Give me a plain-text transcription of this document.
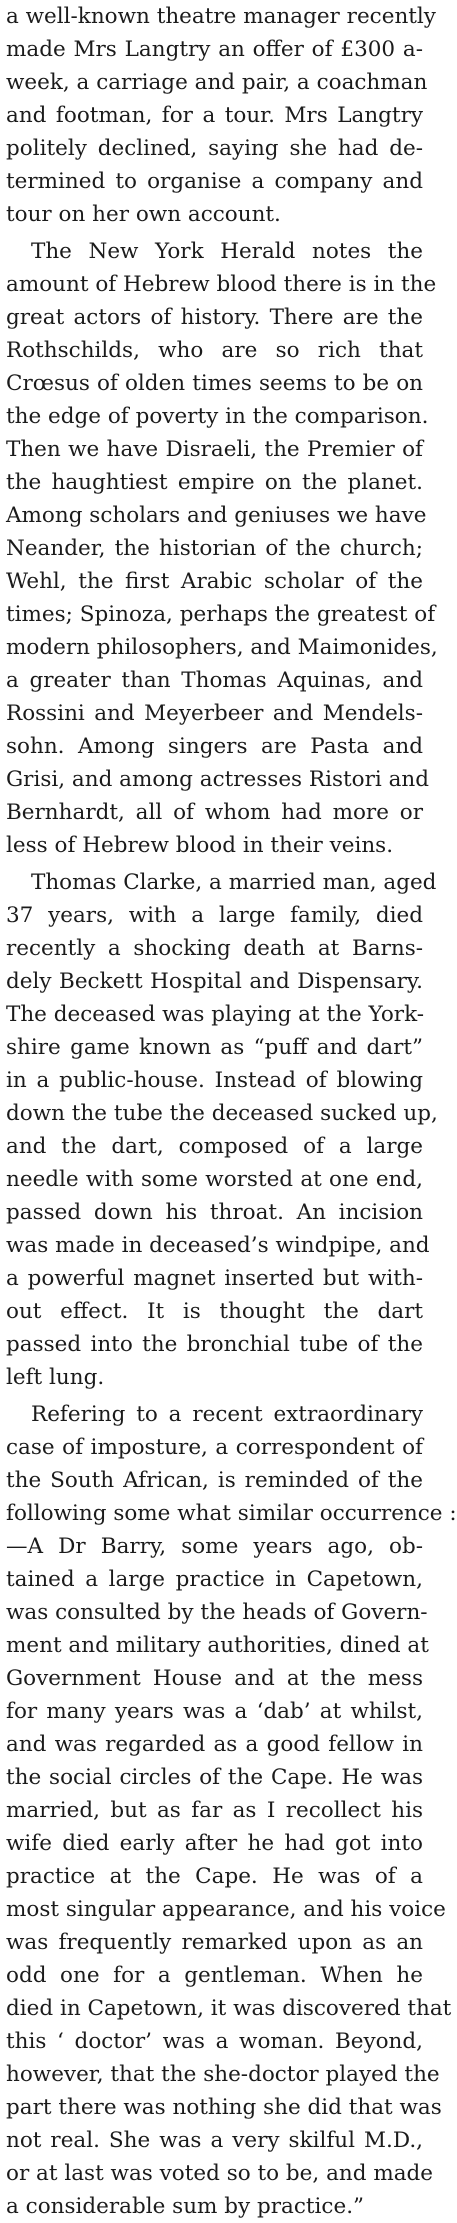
a well-known theatre manager recently
made Mrs Langtry an offer of £300 a-
week, a carriage and pair, a coachman
and footman, for a tour. Mrs Langtry
politely declined, saying she had de-
termined to organise a company and
tour on her own account.
The New York Herald notes the
amount of Hebrew blood there is in the
great actors of history. There are the
Rothschilds, who are so rich that
Crœsus of olden times seems to be on
the edge of poverty in the comparison.
Then we have Disraeli, the Premier of
the haughtiest empire on the planet.
Among scholars and geniuses we have
Neander, the historian of the church;
Wehl, the first Arabic scholar of the
times; Spinoza, perhaps the greatest of
modern philosophers, and Maimonides,
a greater than Thomas Aquinas, and
Rossini and Meyerbeer and Mendels-
sohn. Among singers are Pasta and
Grisi, and among actresses Ristori and
Bernhardt, all of whom had more or
less of Hebrew blood in their veins.
Thomas Clarke, a married man, aged
37 years, with a large family, died
recently a shocking death at Barns-
dely Beckett Hospital and Dispensary.
The deceased was playing at the York-
shire game known as “puff and dart”
in a public-house. Instead of blowing
down the tube the deceased sucked up,
and the dart, composed of a large
needle with some worsted at one end,
passed down his throat. An incision
was made in deceased’s windpipe, and
a powerful magnet inserted but with-
out effect. It is thought the dart
passed into the bronchial tube of the
left lung.
Refering to a recent extraordinary
case of imposture, a correspondent of
the South African, is reminded of the
following some what similar occurrence :
—A Dr Barry, some years ago, ob-
tained a large practice in Capetown,
was consulted by the heads of Govern-
ment and military authorities, dined at
Government House and at the mess
for many years was a ‘dab’ at whilst,
and was regarded as a good fellow in
the social circles of the Cape. He was
married, but as far as I recollect his
wife died early after he had got into
practice at the Cape. He was of a
most singular appearance, and his voice
was frequently remarked upon as an
odd one for a gentleman. When he
died in Capetown, it was discovered that
this ‘ doctor’ was a woman. Beyond,
however, that the she-doctor played the
part there was nothing she did that was
not real. She was a very skilful M.D.,
or at last was voted so to be, and made
a considerable sum by practice.”
